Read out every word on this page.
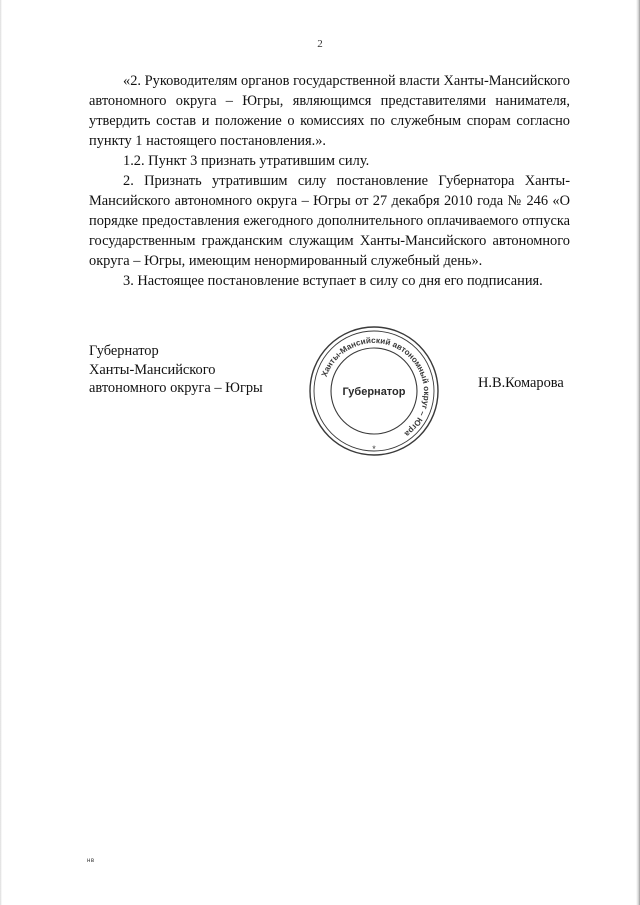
2

«2. Руководителям органов государственной власти Ханты-Мансийского автономного округа – Югры, являющимся представителями нанимателя, утвердить состав и положение о комиссиях по служебным спорам согласно пункту 1 настоящего постановления.».

1.2. Пункт 3 признать утратившим силу.

2. Признать утратившим силу постановление Губернатора Ханты-Мансийского автономного округа – Югры от 27 декабря 2010 года № 246 «О порядке предоставления ежегодного дополнительного оплачиваемого отпуска государственным гражданским служащим Ханты-Мансийского автономного округа – Югры, имеющим ненормированный служебный день».

3. Настоящее постановление вступает в силу со дня его подписания.

Губернатор
Ханты-Мансийского
автономного округа – Югры
Ханты-Мансийский автономный округ – Югра
Губернатор
*
Н.В.Комарова
нв
